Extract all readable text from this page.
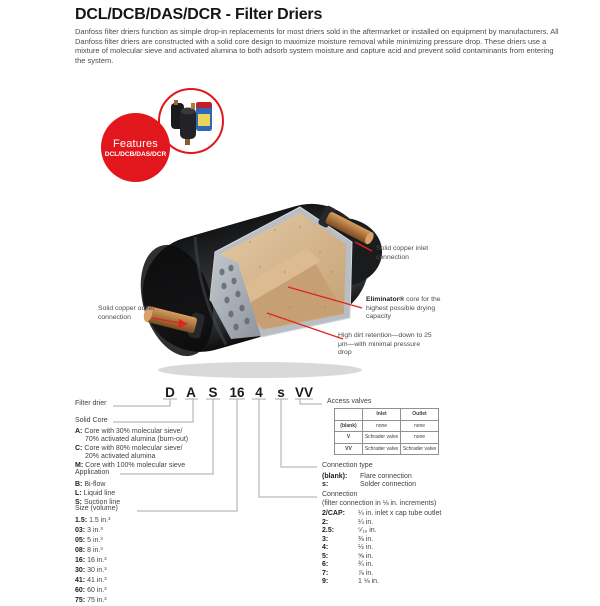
DCL/DCB/DAS/DCR - Filter Driers
Danfoss filter driers function as simple drop-in replacements for most driers sold in the aftermarket or installed on equipment by manufacturers. All Danfoss filter driers are constructed with a solid core design to maximize moisture removal while minimizing pressure drop. These driers use a mixture of molecular sieve and activated alumina to both adsorb system moisture and capture acid and prevent solid contaminants from entering the system.
Features
DCL/DCB/DAS/DCR
Solid copper inlet connection
Eliminator® core for the highest possible drying capacity
High dirt retention—down to 25 μm—with minimal pressure drop
Solid copper outlet connection
D A S 16 4 s VV
Filter drier
Solid Core
A: Core with 30% molecular sieve/
70% activated alumina (burn-out)
C: Core with 80% molecular sieve/
20% activated alumina
M: Core with 100% molecular sieve
Application
B: Bi-flow
L: Liquid line
S: Suction line
Size (volume)
1.5: 1.5 in.³
03: 3 in.³
05: 5 in.³
08: 8 in.³
16: 16 in.³
30: 30 in.³
41: 41 in.³
60: 60 in.³
75: 75 in.³
Access valves
	Inlet	Outlet
(blank)	none	none
V	Schrader valve	none
VV	Schrader valve	Schrader valve
Connection type
(blank):	Flare connection
s:	Solder connection
Connection
(filter connection in ⅛ in. increments)
2/CAP:	¼ in. inlet x cap tube outlet
2:	¼ in.
2.5:	⁵⁄₁₆ in.
3:	⅜ in.
4:	½ in.
5:	⅝ in.
6:	¾ in.
7:	⅞ in.
9:	1 ⅛ in.
